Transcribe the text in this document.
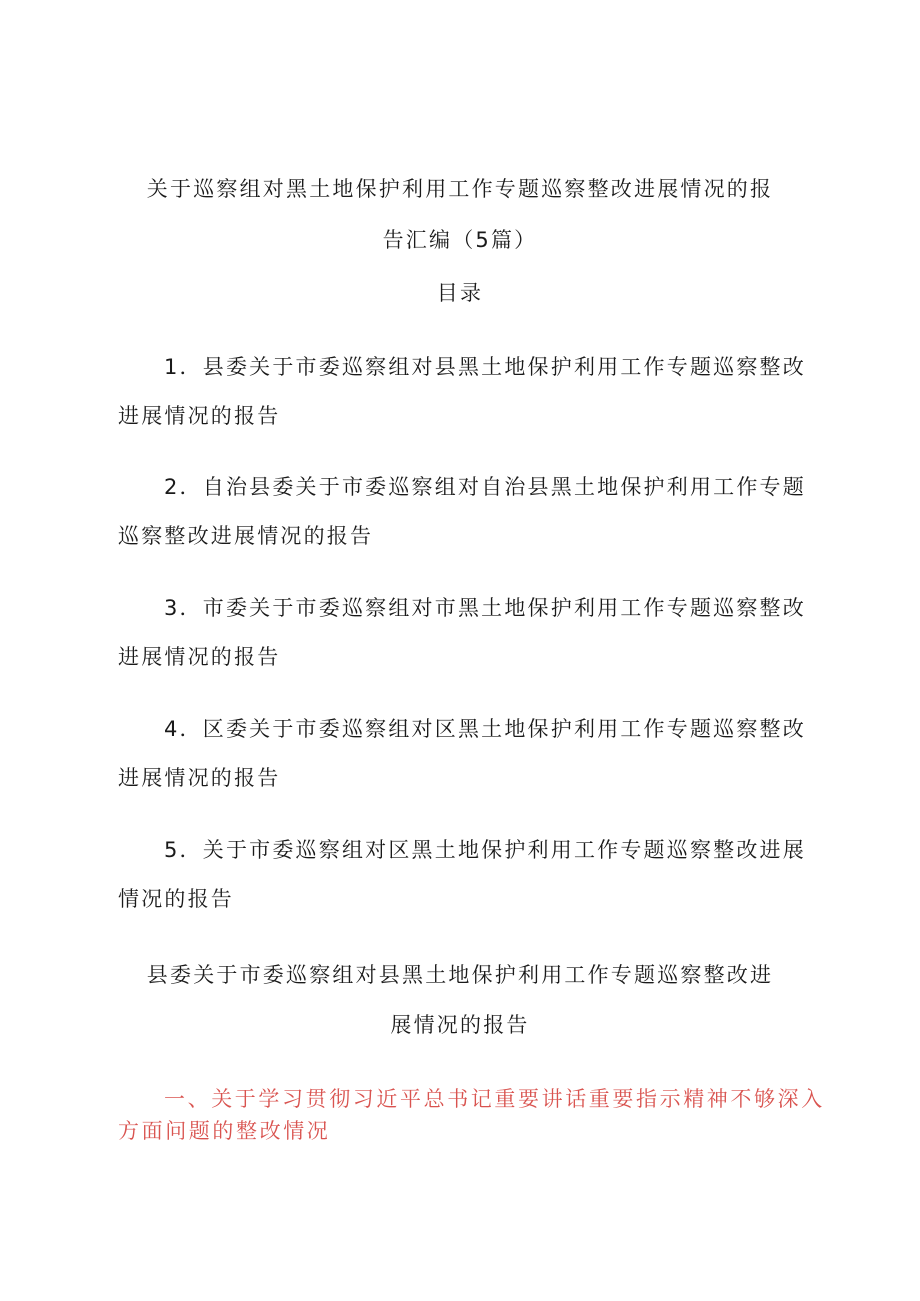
关于巡察组对黑土地保护利用工作专题巡察整改进展情况的报
告汇编（5篇）
目录
1．县委关于市委巡察组对县黑土地保护利用工作专题巡察整改
进展情况的报告
2．自治县委关于市委巡察组对自治县黑土地保护利用工作专题
巡察整改进展情况的报告
3．市委关于市委巡察组对市黑土地保护利用工作专题巡察整改
进展情况的报告
4．区委关于市委巡察组对区黑土地保护利用工作专题巡察整改
进展情况的报告
5．关于市委巡察组对区黑土地保护利用工作专题巡察整改进展
情况的报告
县委关于市委巡察组对县黑土地保护利用工作专题巡察整改进
展情况的报告
一、关于学习贯彻习近平总书记重要讲话重要指示精神不够深入
方面问题的整改情况
